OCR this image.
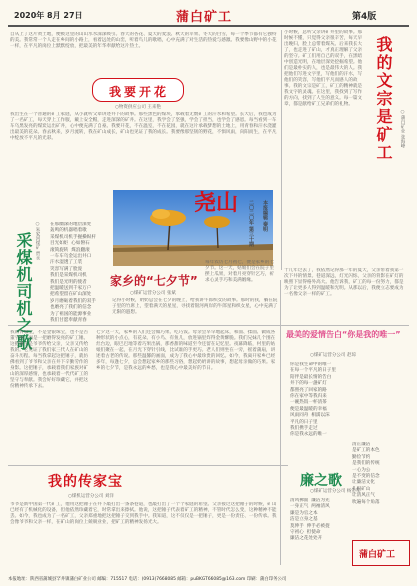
2020年 8月 27日	蒲白矿工	第4版
自从上了这片黄土地，便被这里的山山水水深深吸引。春天的杏花、夏天的麦浪、秋天的苹果、冬天的白雪，每一个季节都有它独特的美。我常常一个人走在乡间的小路上，看着远处的山峦，听着鸟儿的歌唱，心中充满了对生活的热爱与感激。我要像山野中的小花一样，在平凡的岗位上默默绽放，把最美的年华奉献给这片热土。
我要开花
○物资供应公司 王来艳
我出生在一个普通的矿工家庭，从小就听父辈讲述井下的故事。那些黑色的煤块，承载着无数矿工的汗水和希望。长大后，我也成为了一名矿工，每天穿上工作服，戴上安全帽，走进深深的矿井。在这里，我学会了坚强，学会了担当，也学会了感恩。每当看到一车车乌黑发亮的煤炭运出矿井，心中便充满了自豪。我要开花，不在温室，不在花园，就在这片承载梦想的土地上，用青春和汗水浇灌出最美的花朵。春去秋来，岁月流转，我在矿山成长，矿山也见证了我的成长。我要像那坚韧的野花，不惧风雨，向阳而生，在平凡中绽放不平凡的光彩。
小时候，总听父亲讲矿井里的故事。那时候不懂，只觉得父亲很辛苦，每天早出晚归，脸上总带着煤灰。后来我长大了，也走进了矿山，才真正理解了父亲的坚守。矿工们用自己的双手，在黑暗中创造光明，在地层深处挖掘希望。他们是最朴实的人，也是最伟大的人。我把他们写进文字里，写他们的汗水，写他们的笑容，写他们平凡而感人的故事。我的文宗是矿工，矿工的精神就是我文字的灵魂。在这里，我找到了写作的方向，找到了人生的意义。每一篇文章，都是献给矿工兄弟们的礼物。	我的文宗是矿工	○蒲白矿业 张海峰
采煤机司机之歌 ○朱家河煤矿 贾永 在那幽深的地层深处
轰鸣的机器唱着歌
采煤机司机手握操纵杆
目光如炬  心如磐石
滚筒旋转  煤浪翻滚
一车车乌金运出井口
汗水湿透了工装
笑容写满了脸庞
我们是采煤机司机
我们是光明的使者
把温暖送到千家万户
把希望留在矿山深处
岁月磨砺着我们的双手
也磨亮了我们的信念
为了祖国的能源事业
我们甘愿奉献青春
尧山 二〇二〇年 第三十期 本报编辑 秦明
家乡的“七夕节”
○煤矿运营分公司 张斌
每年农历七月初七，便是家乡的七夕节。这一天，姑娘们会在院子里摆上瓜果，对着月亮穿针乞巧，祈求心灵手巧和美满姻缘。
记得小时候，奶奶总会在七夕的晚上，给我讲牛郎织女的故事。那时的我，躺在院子里的竹席上，望着满天的星星，寻找着银河两岸的牛郎星和织女星，心中充满了无限的遐想。
十几年过去了，我依然记得那一年的夏天，父亲带着我第一次下井的情景。巷道深远，灯光闪烁，父亲的背影在矿灯的映照下显得格外高大。他告诉我，矿工的每一份努力，都是为了让更多人得到温暖和光明。从那以后，我便立志要成为一名像父亲一样的矿工。
我的传家宝，不是金银珠宝，也不是古董字画，而是一把磨得发亮的矿工锤。这把锤子是爷爷传给父亲，父亲又传给我的。它见证了我们家三代人在矿山的奋斗历程。每当我拿起这把锤子，就仿佛看到了爷爷和父亲在井下辛勤劳作的身影。这把锤子，承载着我们家族对矿山的深厚感情，也承载着一代代矿工的坚守与奉献。我会好好珍藏它，并把这份精神传承下去。
七夕这一天，家乡的人们还会做巧果、吃巧饭。母亲会早早地起床，和面、揉面、做成各种形状的小点心，有花朵、有小鸟、有鱼儿，放进锅里炸得金黄酥脆。我们兄妹几个围在灶台边，眼巴巴地等着巧果出锅，那香甜的味道至今还留在记忆里。夜幕降临，村里的姑娘们聚在一起，在月光下穿针引线，比试谁的手更巧。老人们则坐在一旁，摇着蒲扇，讲述着古老的传说。那些温馨的画面，成为了我心中最珍贵的回忆。如今，我离开家乡已经多年，每逢七夕，总会想起家乡的那些习俗，想起奶奶讲的故事，想起母亲做的巧果。家乡的七夕节，是我永远的乡愁，也是我心中最美好的节日。
我的传家宝
○煤机运营分公司 刘洋
爷爷是新中国第一代矿工，他用这把锤子在井下敲打出一条条巷道，也敲打出了一个个家庭的希望。父亲接过这把锤子的时候，矿山已经有了机械化的设备，但他依然珍藏着它，时常拿出来擦拭。他说，这把锤子代表着矿工的精神，不管时代怎么变，这种精神不能丢。如今，我也成为了一名矿工，父亲郑重地把这把锤子交到我手中。我知道，这不仅仅是一把锤子，更是一份责任、一份传承。我会像爷爷和父亲一样，在矿山的岗位上兢兢业业，把矿工的精神发扬光大。
最美的爱情告白“你是我的唯一”
○煤矿运营分公司 赵琼
你是我生命中的唯一
在每一个平凡的日子里
陪伴是最长情的告白
井下的每一盏矿灯
都照亮了回家的路
你在家中等我归来
一碗热饭一杯清茶
便是最温暖的幸福
风雨同舟  相濡以沫
平凡的日子里
我们携手走过
你是我永远的唯一
廉之歌
○煤矿运营分公司 杨宏军
清风拂面  廉洁为先
一身正气  两袖清风
廉是为官之本
洁是立身之基
莫伸手  伸手必被捉
守初心  担使命
廉洁之花处处开
清正廉洁
是矿工的本色
勤俭节约
是我们的传统
一心为公
是不变的信念
让廉洁文化
扎根矿山
让清风正气
吹遍每个角落
蒲白矿工
本报地址：陕西省蒲城县罕井镇蒲白矿业公司 邮编：715517 电话：(0913)7668085 邮箱：puBKGT66085@163.com 印刷：蒲白印务公司
